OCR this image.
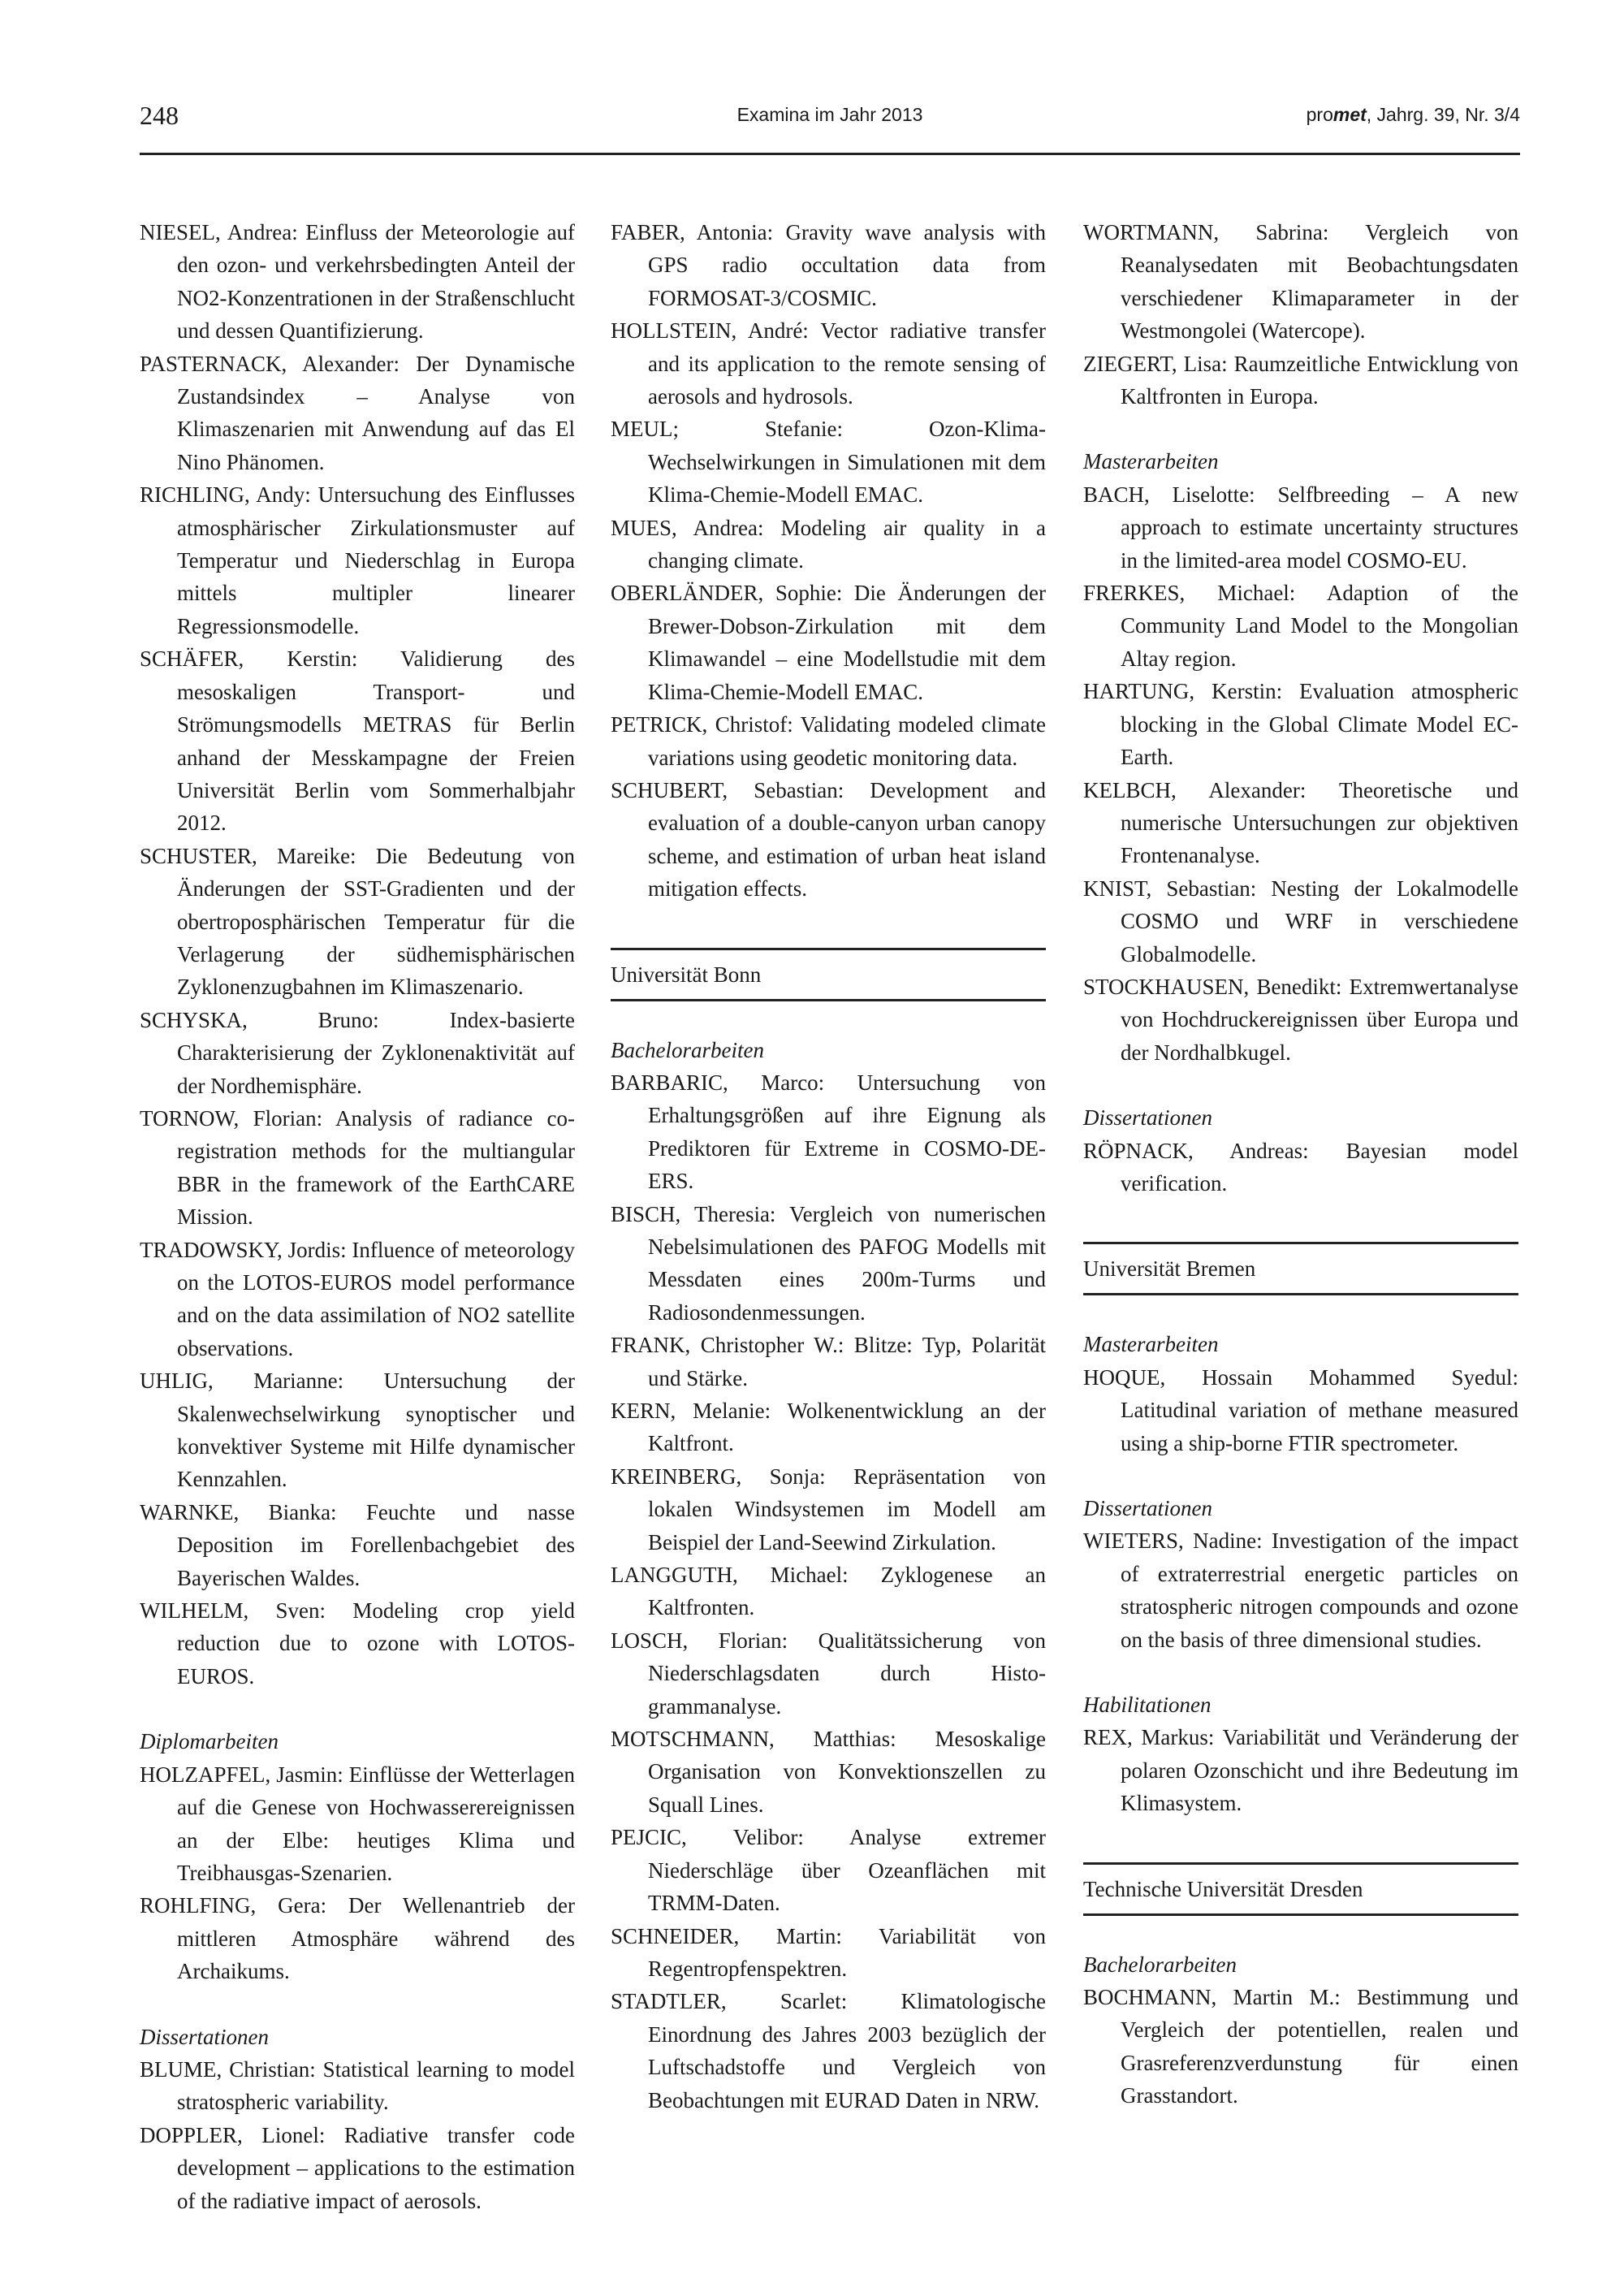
248	Examina im Jahr 2013	promet, Jahrg. 39, Nr. 3/4

NIESEL, Andrea: Einfluss der Meteorologie auf den ozon- und verkehrsbedingten Anteil der NO2-Konzentrationen in der Straßenschlucht und dessen Quantifizierung.

PASTERNACK, Alexander: Der Dynamische Zustandsindex – Analyse von Klimaszenarien mit Anwendung auf das El Nino Phänomen.

RICHLING, Andy: Untersuchung des Einflusses atmosphärischer Zirkulationsmuster auf Temperatur und Niederschlag in Europa mittels multipler linearer Regressionsmodelle.

SCHÄFER, Kerstin: Validierung des mesoskaligen Transport- und Strömungsmodells METRAS für Berlin anhand der Messkampagne der Freien Universität Berlin vom Sommerhalbjahr 2012.

SCHUSTER, Mareike: Die Bedeutung von Änderungen der SST-Gradienten und der obertroposphärischen Temperatur für die Verlagerung der südhemisphärischen Zyklonenzugbahnen im Klimaszenario.

SCHYSKA, Bruno: Index-basierte Charakterisierung der Zyklonenaktivität auf der Nordhemisphäre.

TORNOW, Florian: Analysis of radiance co-registration methods for the multiangular BBR in the framework of the EarthCARE Mission.

TRADOWSKY, Jordis: Influence of meteorology on the LOTOS-EUROS model performance and on the data assimilation of NO2 satellite observations.

UHLIG, Marianne: Untersuchung der Skalenwechselwirkung synoptischer und konvektiver Systeme mit Hilfe dynamischer Kennzahlen.

WARNKE, Bianka: Feuchte und nasse Deposition im Forellenbachgebiet des Bayerischen Waldes.

WILHELM, Sven: Modeling crop yield reduction due to ozone with LOTOS-EUROS.

Diplomarbeiten

HOLZAPFEL, Jasmin: Einflüsse der Wetterlagen auf die Genese von Hochwasserereignissen an der Elbe: heutiges Klima und Treibhausgas-Szenarien.

ROHLFING, Gera: Der Wellenantrieb der mittleren Atmosphäre während des Archaikums.

Dissertationen

BLUME, Christian: Statistical learning to model stratospheric variability.

DOPPLER, Lionel: Radiative transfer code development – applications to the estimation of the radiative impact of aerosols.

FABER, Antonia: Gravity wave analysis with GPS radio occultation data from FORMOSAT-3/COSMIC.

HOLLSTEIN, André: Vector radiative transfer and its application to the remote sensing of aerosols and hydrosols.

MEUL; Stefanie: Ozon-Klima-Wechselwirkungen in Simulationen mit dem Klima-Chemie-Modell EMAC.

MUES, Andrea: Modeling air quality in a changing climate.

OBERLÄNDER, Sophie: Die Änderungen der Brewer-Dobson-Zirkulation mit dem Klimawandel – eine Modellstudie mit dem Klima-Chemie-Modell EMAC.

PETRICK, Christof: Validating modeled climate variations using geodetic monitoring data.

SCHUBERT, Sebastian: Development and evaluation of a double-canyon urban canopy scheme, and estimation of urban heat island mitigation effects.

Universität Bonn

Bachelorarbeiten

BARBARIC, Marco: Untersuchung von Erhaltungsgrößen auf ihre Eignung als Prediktoren für Extreme in COSMO-DE-ERS.

BISCH, Theresia: Vergleich von numerischen Nebelsimulationen des PAFOG Modells mit Messdaten eines 200m-Turms und Radiosondenmessungen.

FRANK, Christopher W.: Blitze: Typ, Polarität und Stärke.

KERN, Melanie: Wolkenentwicklung an der Kaltfront.

KREINBERG, Sonja: Repräsentation von lokalen Windsystemen im Modell am Beispiel der Land-Seewind Zirkulation.

LANGGUTH, Michael: Zyklogenese an Kaltfronten.

LOSCH, Florian: Qualitätssicherung von Niederschlagsdaten durch Histo-grammanalyse.

MOTSCHMANN, Matthias: Mesoskalige Organisation von Konvektionszellen zu Squall Lines.

PEJCIC, Velibor: Analyse extremer Niederschläge über Ozeanflächen mit TRMM-Daten.

SCHNEIDER, Martin: Variabilität von Regentropfenspektren.

STADTLER, Scarlet: Klimatologische Einordnung des Jahres 2003 bezüglich der Luftschadstoffe und Vergleich von Beobachtungen mit EURAD Daten in NRW.

WORTMANN, Sabrina: Vergleich von Reanalysedaten mit Beobachtungsdaten verschiedener Klimaparameter in der Westmongolei (Watercope).

ZIEGERT, Lisa: Raumzeitliche Entwicklung von Kaltfronten in Europa.

Masterarbeiten

BACH, Liselotte: Selfbreeding – A new approach to estimate uncertainty structures in the limited-area model COSMO-EU.

FRERKES, Michael: Adaption of the Community Land Model to the Mongolian Altay region.

HARTUNG, Kerstin: Evaluation atmospheric blocking in the Global Climate Model EC-Earth.

KELBCH, Alexander: Theoretische und numerische Untersuchungen zur objektiven Frontenanalyse.

KNIST, Sebastian: Nesting der Lokalmodelle COSMO und WRF in verschiedene Globalmodelle.

STOCKHAUSEN, Benedikt: Extremwertanalyse von Hochdruckereignissen über Europa und der Nordhalbkugel.

Dissertationen

RÖPNACK, Andreas: Bayesian model verification.

Universität Bremen

Masterarbeiten

HOQUE, Hossain Mohammed Syedul: Latitudinal variation of methane measured using a ship-borne FTIR spectrometer.

Dissertationen

WIETERS, Nadine: Investigation of the impact of extraterrestrial energetic particles on stratospheric nitrogen compounds and ozone on the basis of three dimensional studies.

Habilitationen

REX, Markus: Variabilität und Veränderung der polaren Ozonschicht und ihre Bedeutung im Klimasystem.

Technische Universität Dresden

Bachelorarbeiten

BOCHMANN, Martin M.: Bestimmung und Vergleich der potentiellen, realen und Grasreferenzverdunstung für einen Grasstandort.
